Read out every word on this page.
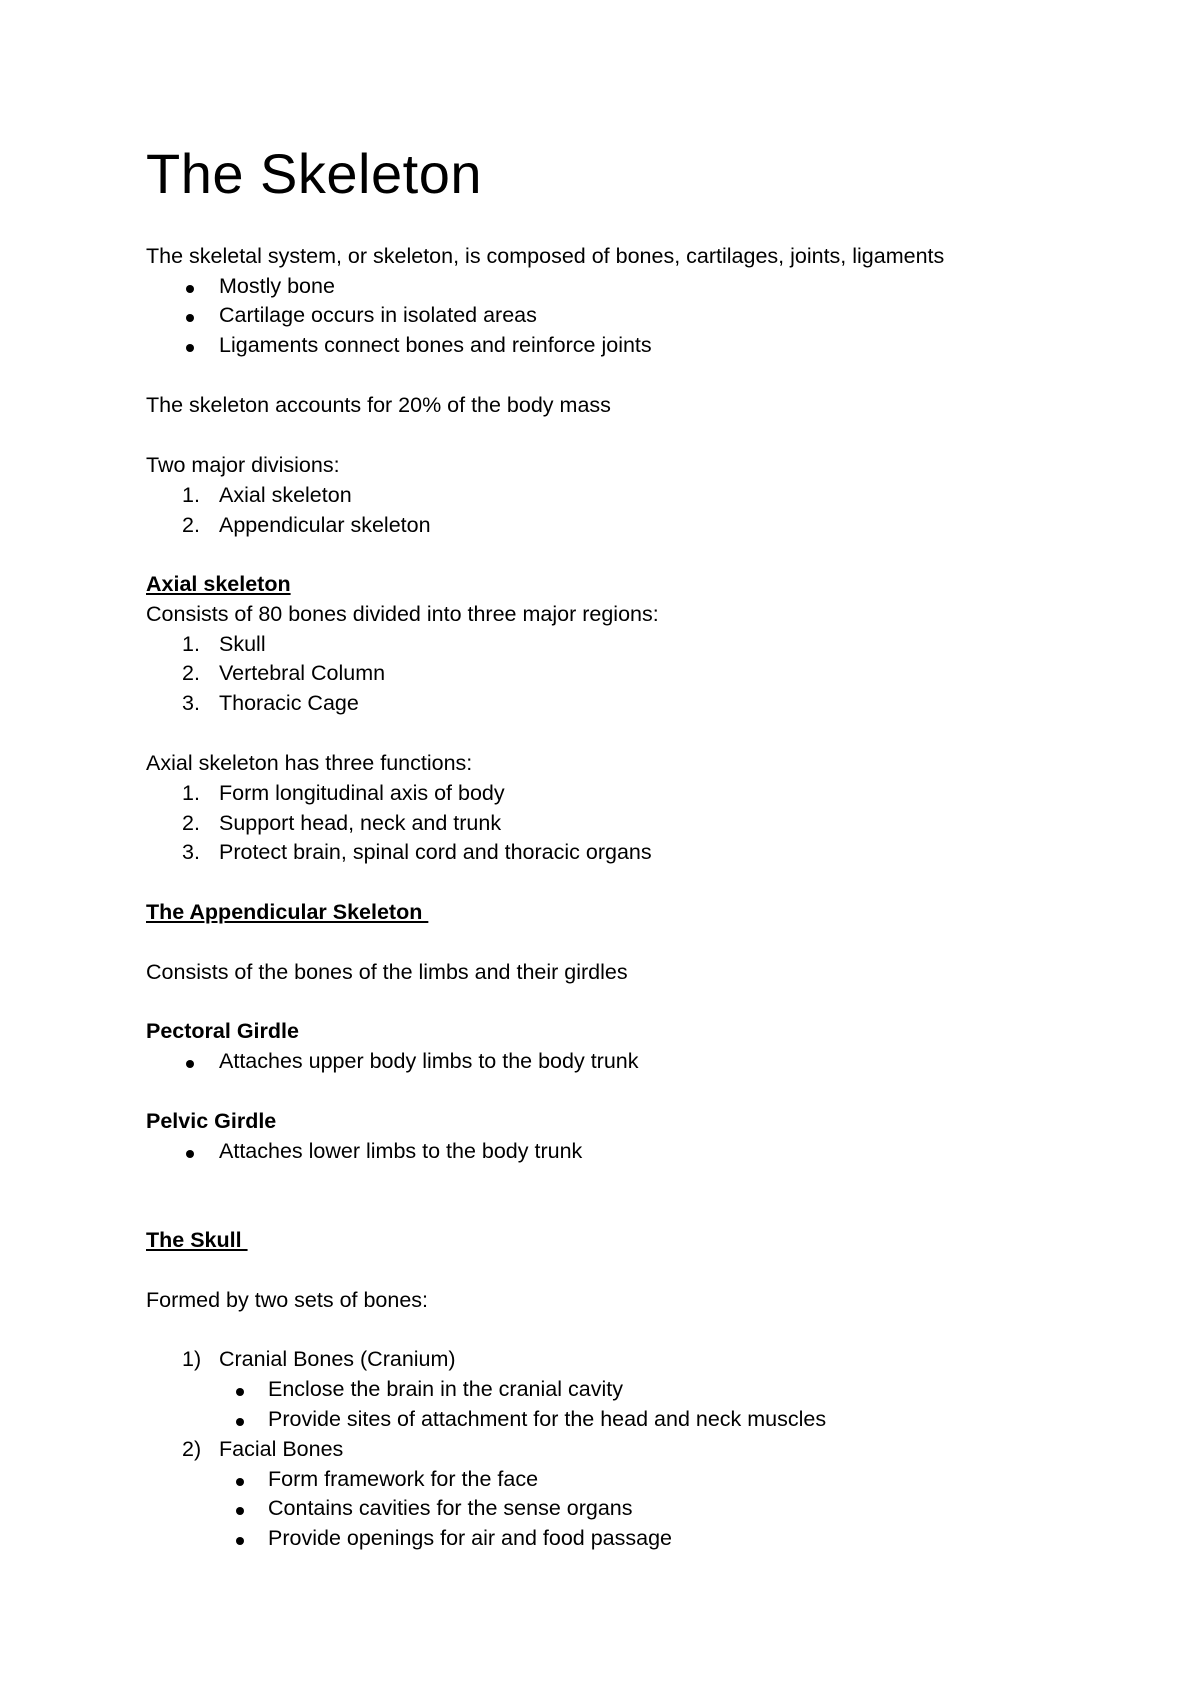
The Skeleton
The skeletal system, or skeleton, is composed of bones, cartilages, joints, ligaments
Mostly bone
Cartilage occurs in isolated areas
Ligaments connect bones and reinforce joints
The skeleton accounts for 20% of the body mass
Two major divisions:
1. Axial skeleton
2. Appendicular skeleton
Axial skeleton
Consists of 80 bones divided into three major regions:
1. Skull
2. Vertebral Column
3. Thoracic Cage
Axial skeleton has three functions:
1. Form longitudinal axis of body
2. Support head, neck and trunk
3. Protect brain, spinal cord and thoracic organs
The Appendicular Skeleton
Consists of the bones of the limbs and their girdles
Pectoral Girdle
Attaches upper body limbs to the body trunk
Pelvic Girdle
Attaches lower limbs to the body trunk
The Skull
Formed by two sets of bones:
1) Cranial Bones (Cranium)
Enclose the brain in the cranial cavity
Provide sites of attachment for the head and neck muscles
2) Facial Bones
Form framework for the face
Contains cavities for the sense organs
Provide openings for air and food passage
